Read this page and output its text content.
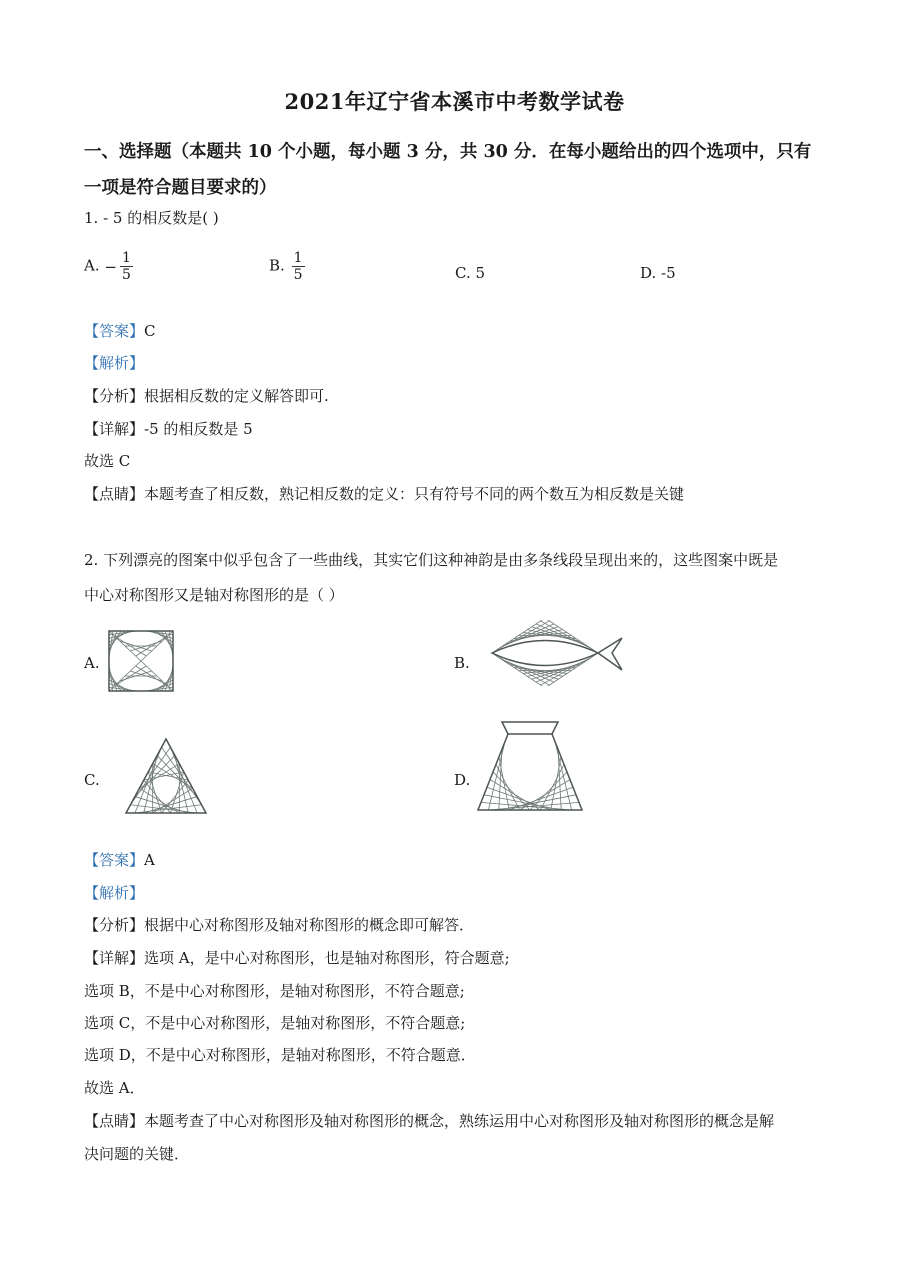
2021年辽宁省本溪市中考数学试卷
一、选择题（本题共 10 个小题，每小题 3 分，共 30 分．在每小题给出的四个选项中，只有
一项是符合题目要求的）
1. - 5 的相反数是( )
A. − $\frac{1}{5}$	B. $\frac{1}{5}$	C. 5	D. -5
【答案】C
【解析】
【分析】根据相反数的定义解答即可.
【详解】-5 的相反数是 5
故选 C
【点睛】本题考查了相反数，熟记相反数的定义：只有符号不同的两个数互为相反数是关键
2. 下列漂亮的图案中似乎包含了一些曲线，其实它们这种神韵是由多条线段呈现出来的，这些图案中既是
中心对称图形又是轴对称图形的是（ ）
A.	B.
C.	D.
【答案】A
【解析】
【分析】根据中心对称图形及轴对称图形的概念即可解答．
【详解】选项 A，是中心对称图形，也是轴对称图形，符合题意;
选项 B，不是中心对称图形，是轴对称图形，不符合题意;
选项 C，不是中心对称图形，是轴对称图形，不符合题意;
选项 D，不是中心对称图形，是轴对称图形，不符合题意．
故选 A．
【点睛】本题考查了中心对称图形及轴对称图形的概念，熟练运用中心对称图形及轴对称图形的概念是解
决问题的关键．
